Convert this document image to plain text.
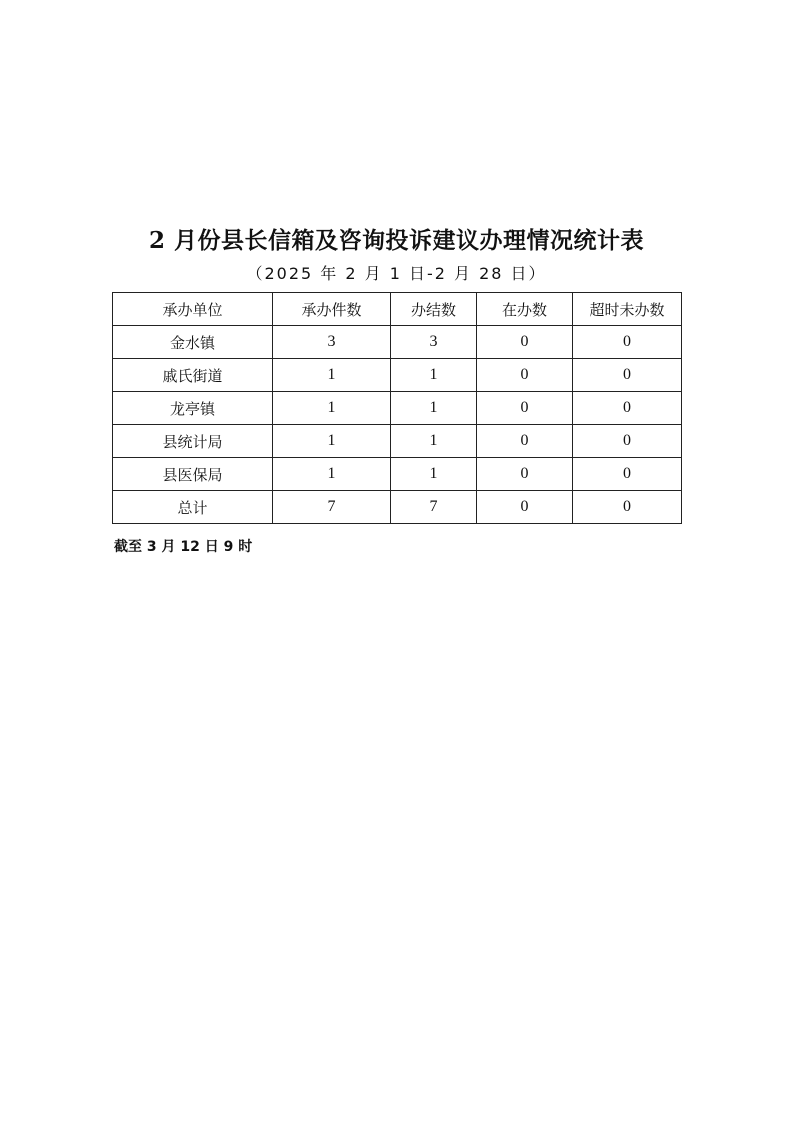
2 月份县长信箱及咨询投诉建议办理情况统计表
（2025 年 2 月 1 日-2 月 28 日）
承办单位	承办件数	办结数	在办数	超时未办数
金水镇	3	3	0	0
戚氏街道	1	1	0	0
龙亭镇	1	1	0	0
县统计局	1	1	0	0
县医保局	1	1	0	0
总计	7	7	0	0
截至 3 月 12 日 9 时
